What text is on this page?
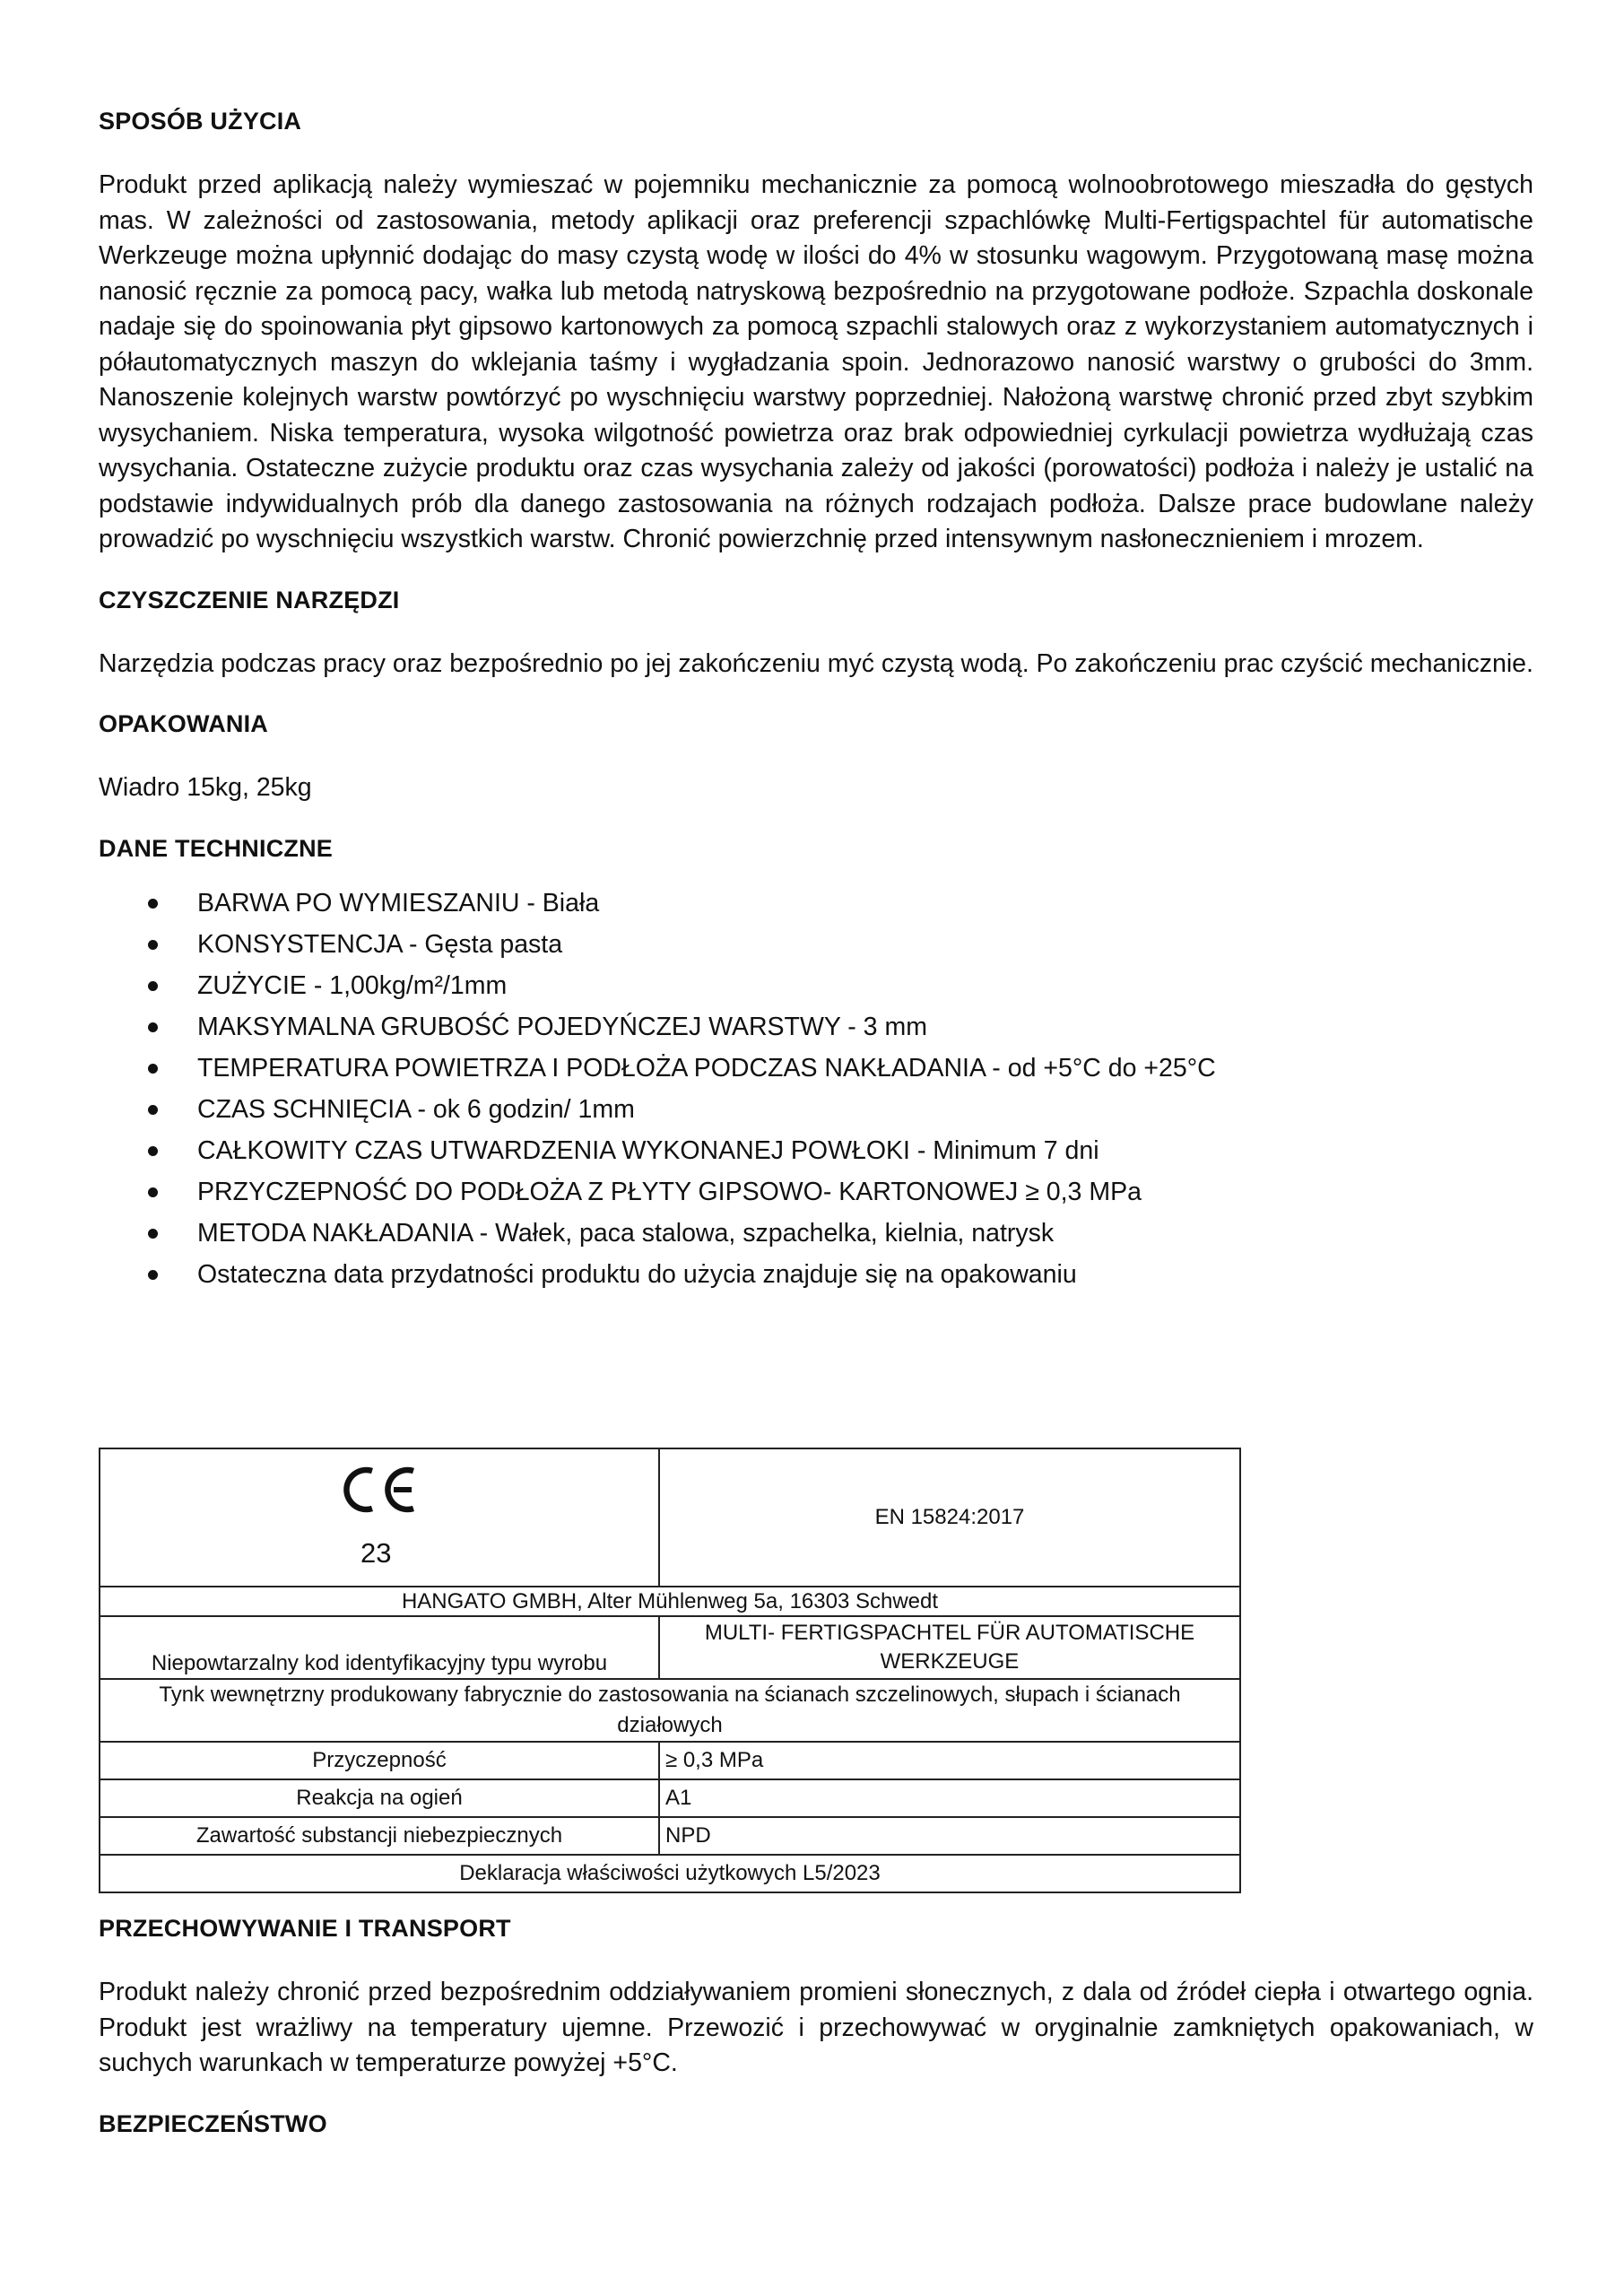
SPOSÓB UŻYCIA

Produkt przed aplikacją należy wymieszać w pojemniku mechanicznie za pomocą wolnoobrotowego mieszadła do gęstych mas. W zależności od zastosowania, metody aplikacji oraz preferencji szpachlówkę Multi-Fertigspachtel für automatische Werkzeuge można upłynnić dodając do masy czystą wodę w ilości do 4% w stosunku wagowym. Przygotowaną masę można nanosić ręcznie za pomocą pacy, wałka lub metodą natryskową bezpośrednio na przygotowane podłoże. Szpachla doskonale nadaje się do spoinowania płyt gipsowo kartonowych za pomocą szpachli stalowych oraz z wykorzystaniem automatycznych i półautomatycznych maszyn do wklejania taśmy i wygładzania spoin. Jednorazowo nanosić warstwy o grubości do 3mm. Nanoszenie kolejnych warstw powtórzyć po wyschnięciu warstwy poprzedniej. Nałożoną warstwę chronić przed zbyt szybkim wysychaniem. Niska temperatura, wysoka wilgotność powietrza oraz brak odpowiedniej cyrkulacji powietrza wydłużają czas wysychania. Ostateczne zużycie produktu oraz czas wysychania zależy od jakości (porowatości) podłoża i należy je ustalić na podstawie indywidualnych prób dla danego zastosowania na różnych rodzajach podłoża. Dalsze prace budowlane należy prowadzić po wyschnięciu wszystkich warstw. Chronić powierzchnię przed intensywnym nasłonecznieniem i mrozem.

CZYSZCZENIE NARZĘDZI

Narzędzia podczas pracy oraz bezpośrednio po jej zakończeniu myć czystą wodą. Po zakończeniu prac czyścić mechanicznie.

OPAKOWANIA

Wiadro 15kg, 25kg

DANE TECHNICZNE
BARWA PO WYMIESZANIU - Biała
KONSYSTENCJA - Gęsta pasta
ZUŻYCIE - 1,00kg/m²/1mm
MAKSYMALNA GRUBOŚĆ POJEDYŃCZEJ WARSTWY - 3 mm
TEMPERATURA POWIETRZA I PODŁOŻA PODCZAS NAKŁADANIA - od +5°C do +25°C
CZAS SCHNIĘCIA - ok 6 godzin/ 1mm
CAŁKOWITY CZAS UTWARDZENIA WYKONANEJ POWŁOKI - Minimum 7 dni
PRZYCZEPNOŚĆ DO PODŁOŻA Z PŁYTY GIPSOWO- KARTONOWEJ ≥ 0,3 MPa
METODA NAKŁADANIA - Wałek, paca stalowa, szpachelka, kielnia, natrysk
Ostateczna data przydatności produktu do użycia znajduje się na opakowaniu
23	EN 15824:2017
HANGATO GMBH, Alter Mühlenweg 5a, 16303 Schwedt	
Niepowtarzalny kod identyfikacyjny typu wyrobu	MULTI- FERTIGSPACHTEL FÜR AUTOMATISCHE WERKZEUGE
Tynk wewnętrzny produkowany fabrycznie do zastosowania na ścianach szczelinowych, słupach i ścianach działowych	
Przyczepność	≥ 0,3 MPa
Reakcja na ogień	A1
Zawartość substancji niebezpiecznych	NPD
Deklaracja właściwości użytkowych L5/2023	
PRZECHOWYWANIE I TRANSPORT

Produkt należy chronić przed bezpośrednim oddziaływaniem promieni słonecznych, z dala od źródeł ciepła i otwartego ognia. Produkt jest wrażliwy na temperatury ujemne. Przewozić i przechowywać w oryginalnie zamkniętych opakowaniach, w suchych warunkach w temperaturze powyżej +5°C.

BEZPIECZEŃSTWO
